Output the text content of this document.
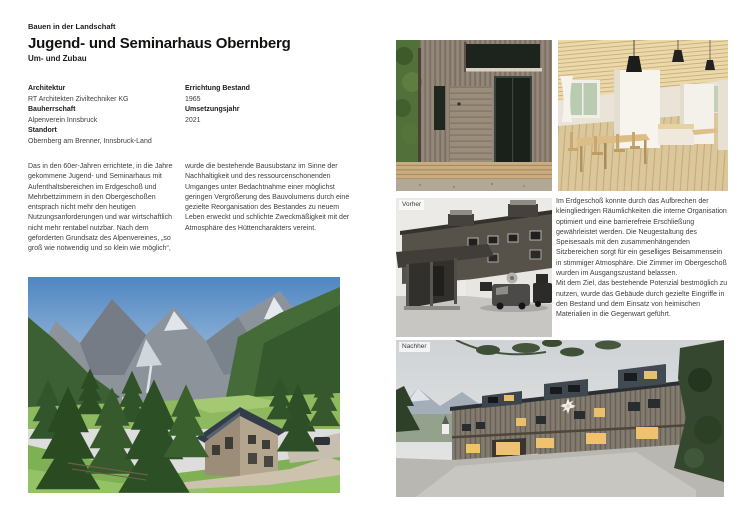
Bauen in der Landschaft
Jugend- und Seminarhaus Obernberg
Um- und Zubau
Architektur
RT Architekten Ziviltechniker KG
Bauherrschaft
Alpenverein Innsbruck
Standort
Obernberg am Brenner, Innsbruck-Land
Errichtung Bestand
1965
Umsetzungsjahr
2021

Das in den 60er-Jahren errichtete, in die Jahre gekommene Jugend- und Seminarhaus mit Aufenthaltsbereichen im Erdgeschoß und Mehrbettzimmern in den Obergeschoßen entsprach nicht mehr den heutigen Nutzungsanforderungen und war wirtschaftlich nicht mehr rentabel nutzbar. Nach dem geforderten Grundsatz des Alpenvereines, „so groß wie notwendig und so klein wie möglich“,

wurde die bestehende Bausubstanz im Sinne der Nachhaltigkeit und des ressourcenschonenden Umganges unter Bedachtnahme einer möglichst geringen Vergrößerung des Bauvolumens durch eine gezielte Reorganisation des Bestandes zu neuem Leben erweckt und schlichte Zweckmäßigkeit mit der Atmosphäre des Hüttencharakters vereint.

Im Erdgeschoß konnte durch das Aufbrechen der kleingliedrigen Räumlichkeiten die interne Organisation optimiert und eine barrierefreie Erschließung gewährleistet werden. Die Neugestaltung des Speisesaals mit den zusammenhängenden Sitzbereichen sorgt für ein geselliges Beisammensein in stimmiger Atmosphäre. Die Zimmer im Obergeschoß wurden im Ausgangszustand belassen.

Mit dem Ziel, das bestehende Potenzial bestmöglich zu nutzen, wurde das Gebäude durch gezielte Eingriffe in den Bestand und dem Einsatz von heimischen Materialien in die Gegenwart geführt.

Vorher
Nachher
